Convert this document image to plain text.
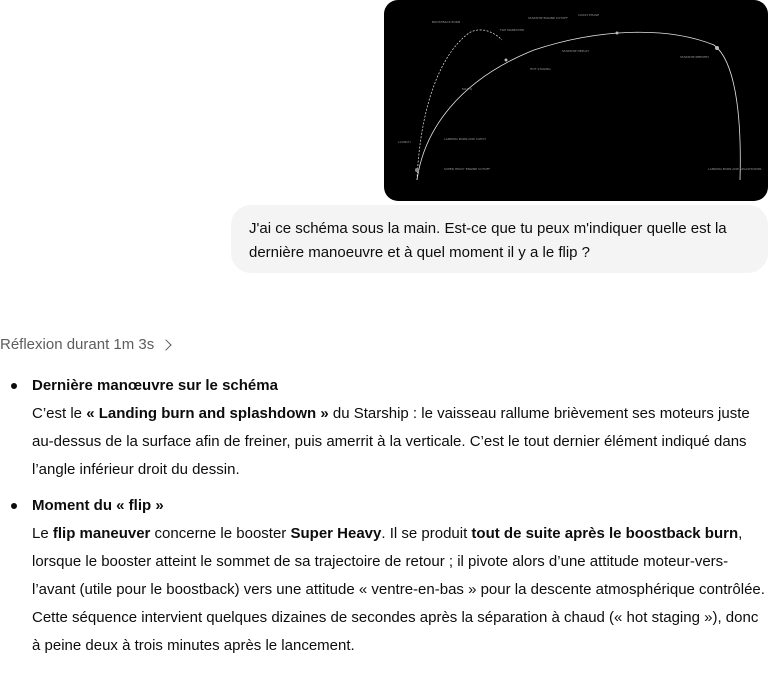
BOOSTBACK BURN
FLIP MANEUVER
STARSHIP ENGINE CUTOFF
COAST PHASE
STARSHIP DEPLOY
HOT STAGING
MAX Q
LAUNCH
LANDING BURN AND CATCH
SUPER HEAVY ENGINE CUTOFF
STARSHIP REENTRY
LANDING BURN AND SPLASHDOWN
J'ai ce schéma sous la main. Est-ce que tu peux m'indiquer quelle est la dernière manoeuvre et à quel moment il y a le flip ?
Réflexion durant 1m 3s
Dernière manœuvre sur le schéma
C’est le « Landing burn and splashdown » du Starship : le vaisseau rallume brièvement ses moteurs juste au-dessus de la surface afin de freiner, puis amerrit à la verticale. C’est le tout dernier élément indiqué dans l’angle inférieur droit du dessin.
Moment du « flip »
Le flip maneuver concerne le booster Super Heavy. Il se produit tout de suite après le boostback burn, lorsque le booster atteint le sommet de sa trajectoire de retour ; il pivote alors d’une attitude moteur-vers-l’avant (utile pour le boostback) vers une attitude « ventre-en-bas » pour la descente atmosphérique contrôlée. Cette séquence intervient quelques dizaines de secondes après la séparation à chaud (« hot staging »), donc à peine deux à trois minutes après le lancement.
